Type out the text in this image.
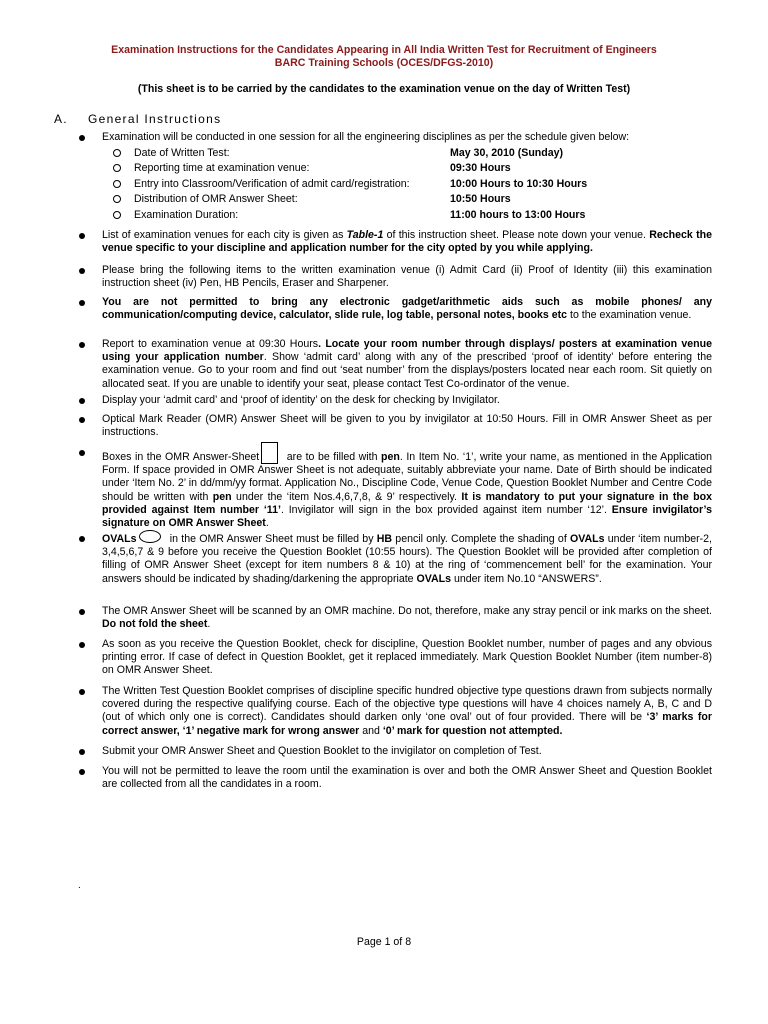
Examination Instructions for the Candidates Appearing in All India Written Test for Recruitment of Engineers
BARC Training Schools (OCES/DFGS-2010)
(This sheet is to be carried by the candidates to the examination venue on the day of Written Test)
A. General Instructions
Examination will be conducted in one session for all the engineering disciplines as per the schedule given below:
Date of Written Test:	May 30, 2010 (Sunday)
Reporting time at examination venue:	09:30 Hours
Entry into Classroom/Verification of admit card/registration:	10:00 Hours to 10:30 Hours
Distribution of OMR Answer Sheet:	10:50 Hours
Examination Duration:	11:00 hours to 13:00 Hours
List of examination venues for each city is given as Table-1 of this instruction sheet. Please note down your venue. Recheck the venue specific to your discipline and application number for the city opted by you while applying.
Please bring the following items to the written examination venue (i) Admit Card (ii) Proof of Identity (iii) this examination instruction sheet (iv) Pen, HB Pencils, Eraser and Sharpener.
You are not permitted to bring any electronic gadget/arithmetic aids such as mobile phones/ any communication/computing device, calculator, slide rule, log table, personal notes, books etc to the examination venue.
Report to examination venue at 09:30 Hours. Locate your room number through displays/ posters at examination venue using your application number. Show ‘admit card’ along with any of the prescribed ‘proof of identity’ before entering the examination venue. Go to your room and find out ‘seat number’ from the displays/posters located near each room. Sit quietly on allocated seat. If you are unable to identify your seat, please contact Test Co-ordinator of the venue.
Display your ‘admit card’ and ‘proof of identity’ on the desk for checking by Invigilator.
Optical Mark Reader (OMR) Answer Sheet will be given to you by invigilator at 10:50 Hours. Fill in OMR Answer Sheet as per instructions.
Boxes in the OMR Answer-Sheet are to be filled with pen. In Item No. ‘1’, write your name, as mentioned in the Application Form. If space provided in OMR Answer Sheet is not adequate, suitably abbreviate your name. Date of Birth should be indicated under ‘Item No. 2’ in dd/mm/yy format. Application No., Discipline Code, Venue Code, Question Booklet Number and Centre Code should be written with pen under the ‘item Nos.4,6,7,8, & 9’ respectively. It is mandatory to put your signature in the box provided against Item number ‘11’. Invigilator will sign in the box provided against item number ‘12’. Ensure invigilator’s signature on OMR Answer Sheet.
OVALs	in the OMR Answer Sheet must be filled by HB pencil only. Complete the shading of OVALs under ‘item number-2, 3,4,5,6,7 & 9 before you receive the Question Booklet (10:55 hours). The Question Booklet will be provided after completion of filling of OMR Answer Sheet (except for item numbers 8 & 10) at the ring of ‘commencement bell’ for the examination. Your answers should be indicated by shading/darkening the appropriate OVALs under item No.10 “ANSWERS”.
The OMR Answer Sheet will be scanned by an OMR machine. Do not, therefore, make any stray pencil or ink marks on the sheet. Do not fold the sheet.
As soon as you receive the Question Booklet, check for discipline, Question Booklet number, number of pages and any obvious printing error. If case of defect in Question Booklet, get it replaced immediately. Mark Question Booklet Number (item number-8) on OMR Answer Sheet.
The Written Test Question Booklet comprises of discipline specific hundred objective type questions drawn from subjects normally covered during the respective qualifying course. Each of the objective type questions will have 4 choices namely A, B, C and D (out of which only one is correct). Candidates should darken only ‘one oval’ out of four provided. There will be ‘3’ marks for correct answer, ‘1’ negative mark for wrong answer and ‘0’ mark for question not attempted.
Submit your OMR Answer Sheet and Question Booklet to the invigilator on completion of Test.
You will not be permitted to leave the room until the examination is over and both the OMR Answer Sheet and Question Booklet are collected from all the candidates in a room.
.
Page 1 of 8
